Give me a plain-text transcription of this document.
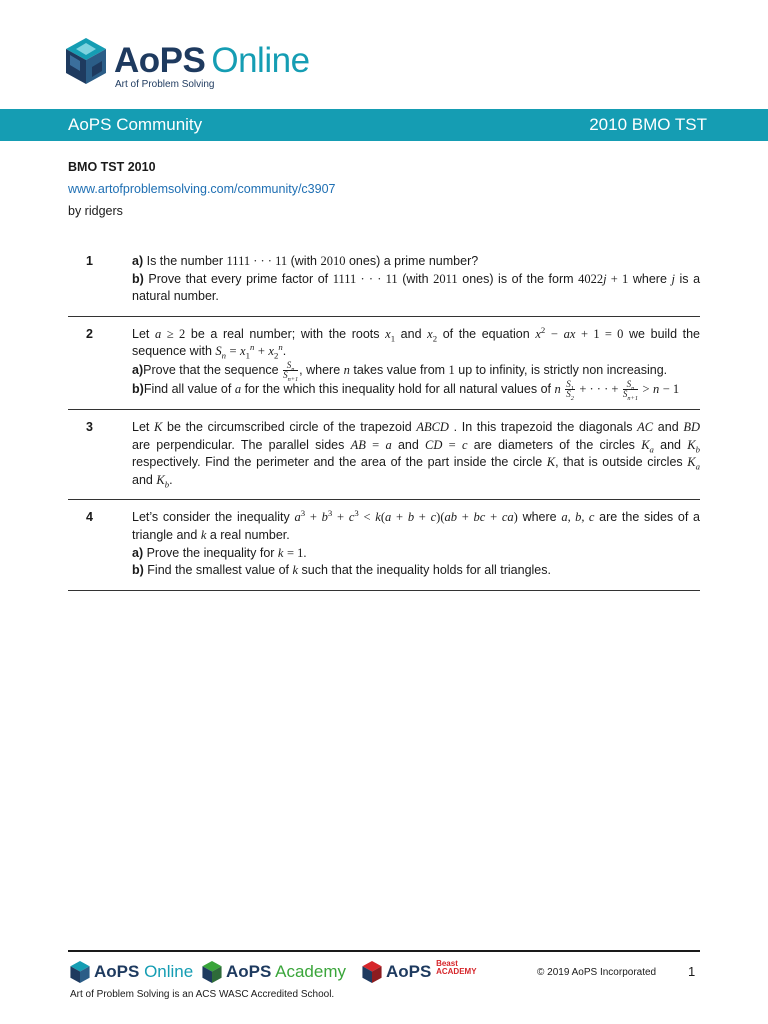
AoPS Online
Art of Problem Solving
AoPS Community	2010 BMO TST
BMO TST 2010
www.artofproblemsolving.com/community/c3907
by ridgers
1	a) Is the number 1111 · · · 11 (with 2010 ones) a prime number?

b) Prove that every prime factor of 1111 · · · 11 (with 2011 ones) is of the form 4022j + 1 where j is a natural number.

2	Let a ≥ 2 be a real number; with the roots $x_1$ and $x_2$ of the equation $x^2$ − ax + 1 = 0 we build the sequence with $S_n = x_1^n + x_2^n$.

a)Prove that the sequence $\frac{S_n}{S_{n+1}}$ , where n takes value from 1 up to infinity, is strictly non increasing.

b)Find all value of a for the which this inequality hold for all natural values of n $\frac{S_1}{S_2}$ + · · · + $\frac{S_n}{S_{n+1}} > n - 1$

3	Let K be the circumscribed circle of the trapezoid ABCD . In this trapezoid the diagonals AC and BD are perpendicular. The parallel sides AB = a and CD = c are diameters of the circles $K_a$ and $K_b$ respectively. Find the perimeter and the area of the part inside the circle K, that is outside circles $K_a$ and $K_b$.

4	Let’s consider the inequality $a^3 + b^3 + c^3 < k(a + b + c)(ab$ + bc + ca) where a, b, c are the sides of a triangle and k a real number.

a) Prove the inequality for k = 1.

b) Find the smallest value of k such that the inequality holds for all triangles.

AoPS Online AoPS Academy AoPS Beast
ACADEMY	© 2019 AoPS Incorporated 1
Art of Problem Solving is an ACS WASC Accredited School.
